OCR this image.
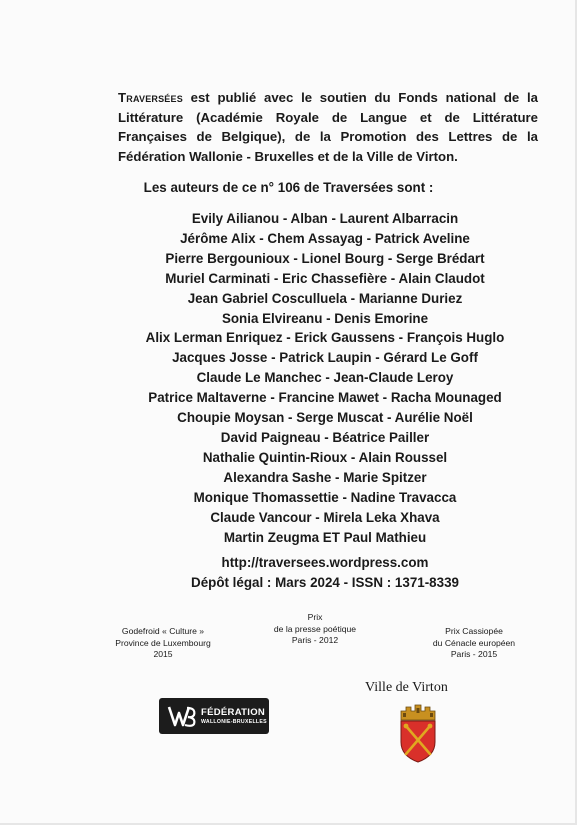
Traversées est publié avec le soutien du Fonds national de la Littérature (Académie Royale de Langue et de Littérature Françaises de Belgique), de la Promotion des Lettres de la Fédération Wallonie - Bruxelles et de la Ville de Virton.

Les auteurs de ce n° 106 de Traversées sont :
Evily Ailianou - Alban - Laurent Albarracin
Jérôme Alix - Chem Assayag - Patrick Aveline
Pierre Bergounioux - Lionel Bourg - Serge Brédart
Muriel Carminati - Eric Chassefière - Alain Claudot
Jean Gabriel Cosculluela - Marianne Duriez
Sonia Elvireanu - Denis Emorine
Alix Lerman Enriquez - Erick Gaussens - François Huglo
Jacques Josse - Patrick Laupin - Gérard Le Goff
Claude Le Manchec - Jean-Claude Leroy
Patrice Maltaverne - Francine Mawet - Racha Mounaged
Choupie Moysan - Serge Muscat - Aurélie Noël
David Paigneau - Béatrice Pailler
Nathalie Quintin-Rioux - Alain Roussel
Alexandra Sashe - Marie Spitzer
Monique Thomassettie - Nadine Travacca
Claude Vancour - Mirela Leka Xhava
Martin Zeugma ET Paul Mathieu
http://traversees.wordpress.com
Dépôt légal : Mars 2024 - ISSN : 1371-8339
Godefroid « Culture »
Province de Luxembourg
2015
Prix
de la presse poétique
Paris - 2012
Prix Cassiopée
du Cénacle européen
Paris - 2015
FÉDÉRATION
WALLONIE-BRUXELLES
Ville de Virton
